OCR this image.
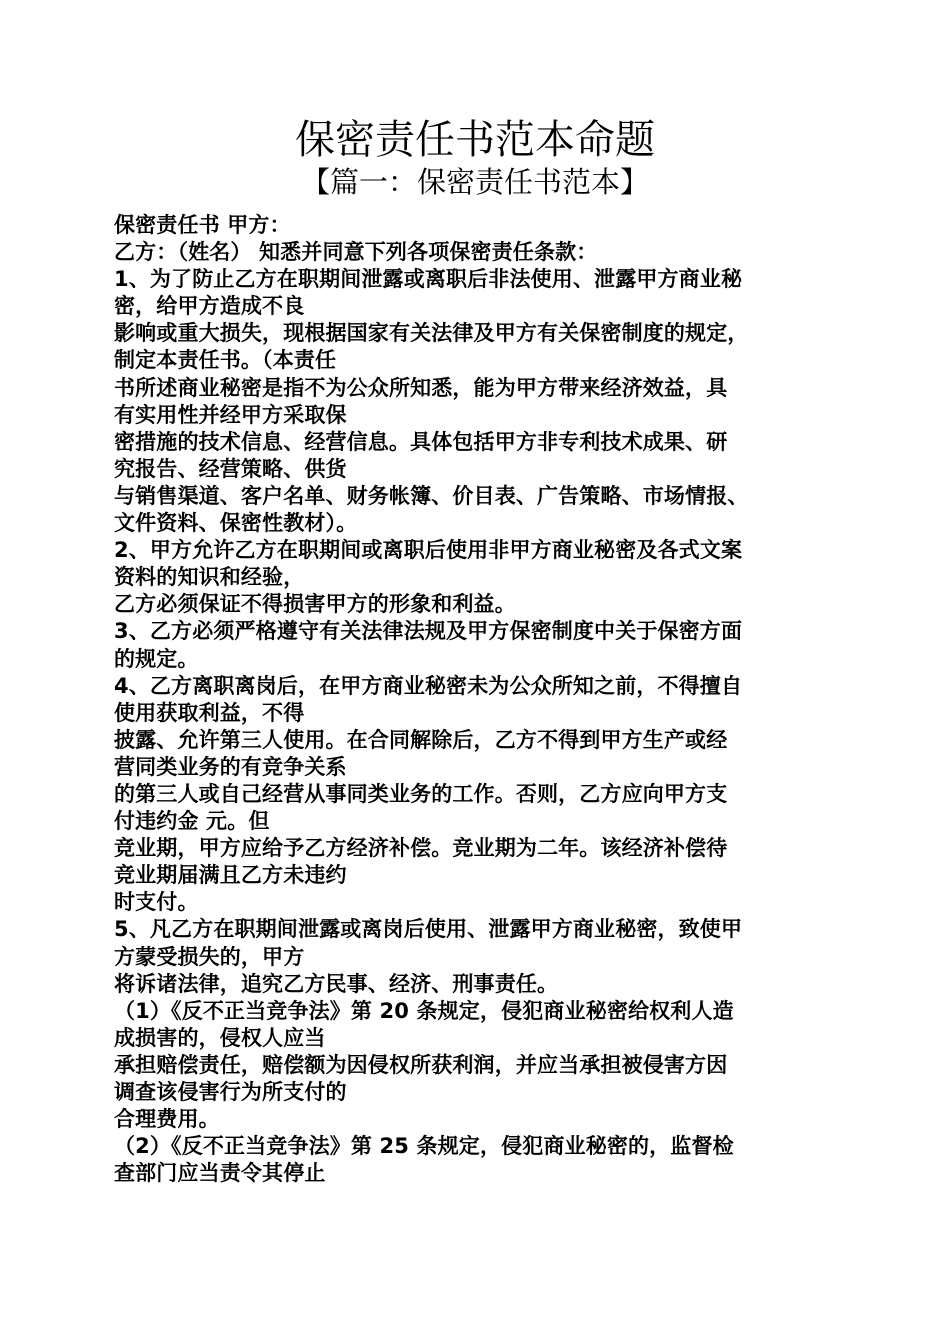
保密责任书范本命题
【篇一：保密责任书范本】
保密责任书 甲方：
乙方：（姓名） 知悉并同意下列各项保密责任条款：
1、为了防止乙方在职期间泄露或离职后非法使用、泄露甲方商业秘
密，给甲方造成不良
影响或重大损失，现根据国家有关法律及甲方有关保密制度的规定，
制定本责任书。（本责任
书所述商业秘密是指不为公众所知悉，能为甲方带来经济效益，具
有实用性并经甲方采取保
密措施的技术信息、经营信息。具体包括甲方非专利技术成果、研
究报告、经营策略、供货
与销售渠道、客户名单、财务帐簿、价目表、广告策略、市场情报、
文件资料、保密性教材）。
2、甲方允许乙方在职期间或离职后使用非甲方商业秘密及各式文案
资料的知识和经验，
乙方必须保证不得损害甲方的形象和利益。
3、乙方必须严格遵守有关法律法规及甲方保密制度中关于保密方面
的规定。
4、乙方离职离岗后，在甲方商业秘密未为公众所知之前，不得擅自
使用获取利益，不得
披露、允许第三人使用。在合同解除后，乙方不得到甲方生产或经
营同类业务的有竞争关系
的第三人或自己经营从事同类业务的工作。否则，乙方应向甲方支
付违约金 元。但
竞业期，甲方应给予乙方经济补偿。竞业期为二年。该经济补偿待
竞业期届满且乙方未违约
时支付。
5、凡乙方在职期间泄露或离岗后使用、泄露甲方商业秘密，致使甲
方蒙受损失的，甲方
将诉诸法律，追究乙方民事、经济、刑事责任。
（1）《反不正当竞争法》第 20 条规定，侵犯商业秘密给权利人造
成损害的，侵权人应当
承担赔偿责任，赔偿额为因侵权所获利润，并应当承担被侵害方因
调查该侵害行为所支付的
合理费用。
（2）《反不正当竞争法》第 25 条规定，侵犯商业秘密的，监督检
查部门应当责令其停止
